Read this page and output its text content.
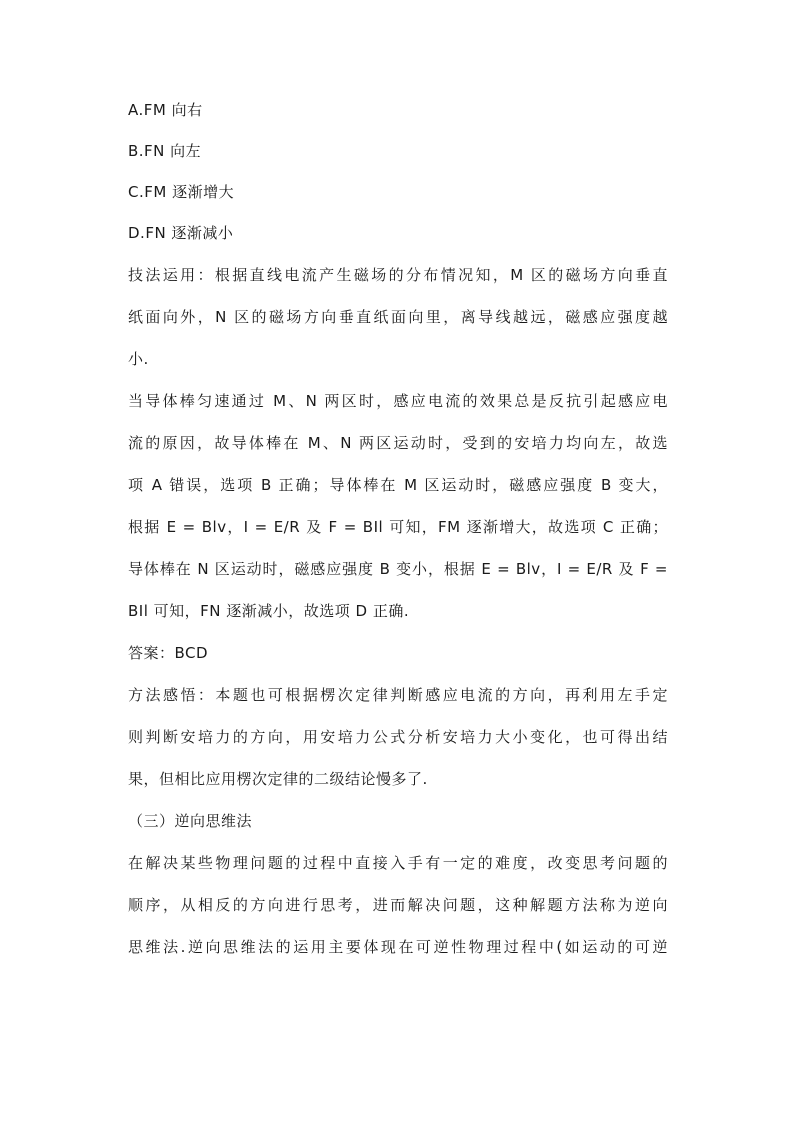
A.FM 向右
B.FN 向左
C.FM 逐渐增大
D.FN 逐渐减小
技法运用：根据直线电流产生磁场的分布情况知，M 区的磁场方向垂直
纸面向外，N 区的磁场方向垂直纸面向里，离导线越远，磁感应强度越
小.
当导体棒匀速通过 M、N 两区时，感应电流的效果总是反抗引起感应电
流的原因，故导体棒在 M、N 两区运动时，受到的安培力均向左，故选
项 A 错误，选项 B 正确；导体棒在 M 区运动时，磁感应强度 B 变大，
根据 E = Blv，I = E/R 及 F = BIl 可知，FM 逐渐增大，故选项 C 正确；
导体棒在 N 区运动时，磁感应强度 B 变小，根据 E = Blv，I = E/R 及 F =
BIl 可知，FN 逐渐减小，故选项 D 正确.
答案：BCD
方法感悟：本题也可根据楞次定律判断感应电流的方向，再利用左手定
则判断安培力的方向，用安培力公式分析安培力大小变化，也可得出结
果，但相比应用楞次定律的二级结论慢多了.
（三）逆向思维法
在解决某些物理问题的过程中直接入手有一定的难度，改变思考问题的
顺序，从相反的方向进行思考，进而解决问题，这种解题方法称为逆向
思维法.逆向思维法的运用主要体现在可逆性物理过程中(如运动的可逆
